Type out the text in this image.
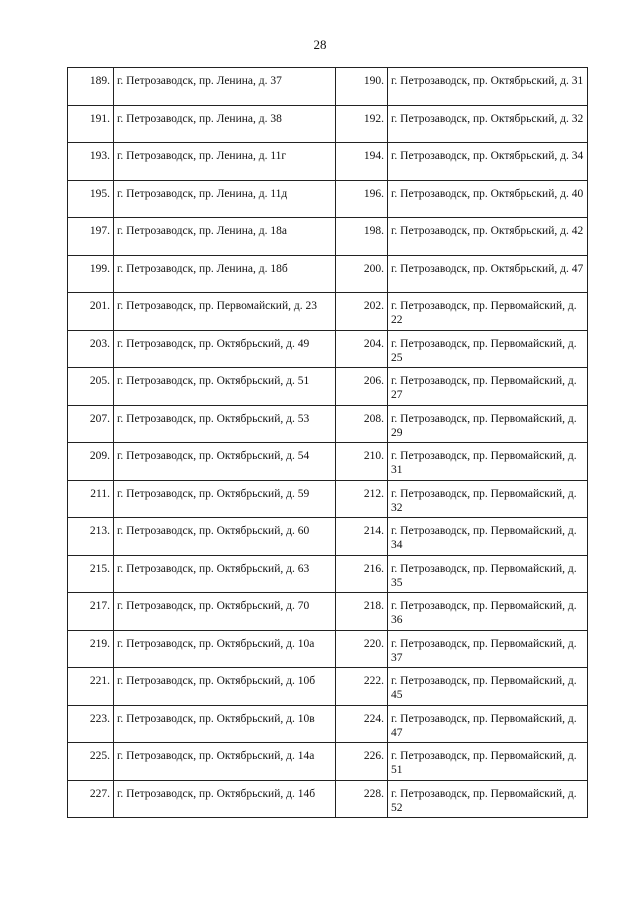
28
189.	г. Петрозаводск, пр. Ленина, д. 37	190.	г. Петрозаводск, пр. Октябрьский, д. 31
191.	г. Петрозаводск, пр. Ленина, д. 38	192.	г. Петрозаводск, пр. Октябрьский, д. 32
193.	г. Петрозаводск, пр. Ленина, д. 11г	194.	г. Петрозаводск, пр. Октябрьский, д. 34
195.	г. Петрозаводск, пр. Ленина, д. 11д	196.	г. Петрозаводск, пр. Октябрьский, д. 40
197.	г. Петрозаводск, пр. Ленина, д. 18а	198.	г. Петрозаводск, пр. Октябрьский, д. 42
199.	г. Петрозаводск, пр. Ленина, д. 18б	200.	г. Петрозаводск, пр. Октябрьский, д. 47
201.	г. Петрозаводск, пр. Первомайский, д. 23	202.	г. Петрозаводск, пр. Первомайский, д. 22
203.	г. Петрозаводск, пр. Октябрьский, д. 49	204.	г. Петрозаводск, пр. Первомайский, д. 25
205.	г. Петрозаводск, пр. Октябрьский, д. 51	206.	г. Петрозаводск, пр. Первомайский, д. 27
207.	г. Петрозаводск, пр. Октябрьский, д. 53	208.	г. Петрозаводск, пр. Первомайский, д. 29
209.	г. Петрозаводск, пр. Октябрьский, д. 54	210.	г. Петрозаводск, пр. Первомайский, д. 31
211.	г. Петрозаводск, пр. Октябрьский, д. 59	212.	г. Петрозаводск, пр. Первомайский, д. 32
213.	г. Петрозаводск, пр. Октябрьский, д. 60	214.	г. Петрозаводск, пр. Первомайский, д. 34
215.	г. Петрозаводск, пр. Октябрьский, д. 63	216.	г. Петрозаводск, пр. Первомайский, д. 35
217.	г. Петрозаводск, пр. Октябрьский, д. 70	218.	г. Петрозаводск, пр. Первомайский, д. 36
219.	г. Петрозаводск, пр. Октябрьский, д. 10а	220.	г. Петрозаводск, пр. Первомайский, д. 37
221.	г. Петрозаводск, пр. Октябрьский, д. 10б	222.	г. Петрозаводск, пр. Первомайский, д. 45
223.	г. Петрозаводск, пр. Октябрьский, д. 10в	224.	г. Петрозаводск, пр. Первомайский, д. 47
225.	г. Петрозаводск, пр. Октябрьский, д. 14а	226.	г. Петрозаводск, пр. Первомайский, д. 51
227.	г. Петрозаводск, пр. Октябрьский, д. 14б	228.	г. Петрозаводск, пр. Первомайский, д. 52
